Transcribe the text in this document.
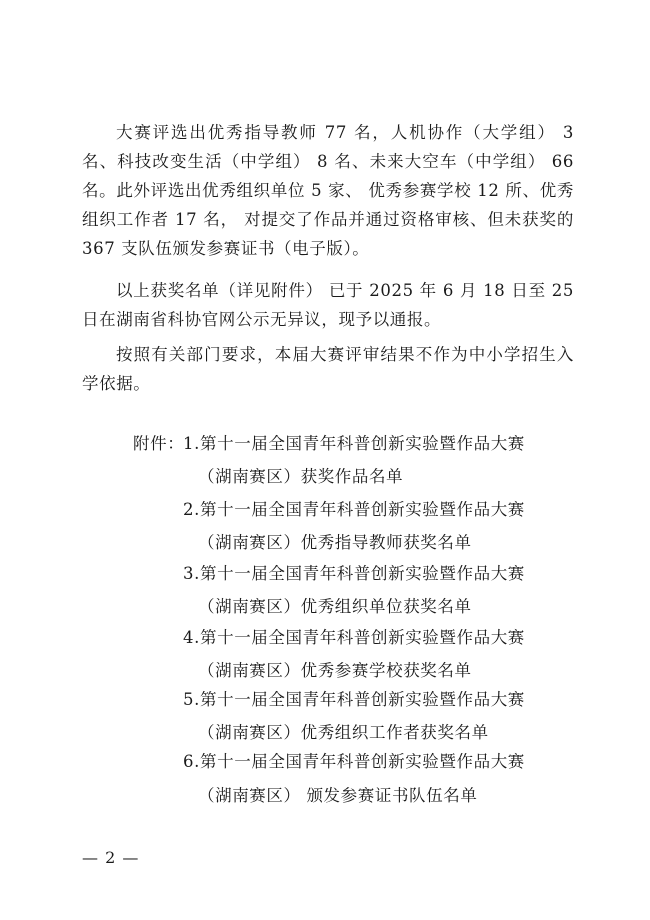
大赛评选出优秀指导教师 77 名，人机协作（大学组） 3 名、科技改变生活（中学组） 8 名、未来大空车（中学组） 66 名。此外评选出优秀组织单位 5 家、 优秀参赛学校 12 所、优秀组织工作者 17 名， 对提交了作品并通过资格审核、但未获奖的 367 支队伍颁发参赛证书（电子版）。

以上获奖名单（详见附件） 已于 2025 年 6 月 18 日至 25 日在湖南省科协官网公示无异议，现予以通报。

按照有关部门要求，本届大赛评审结果不作为中小学招生入学依据。

附件：
1.第十一届全国青年科普创新实验暨作品大赛
（湖南赛区）获奖作品名单
2.第十一届全国青年科普创新实验暨作品大赛
（湖南赛区）优秀指导教师获奖名单
3.第十一届全国青年科普创新实验暨作品大赛
（湖南赛区）优秀组织单位获奖名单
4.第十一届全国青年科普创新实验暨作品大赛
（湖南赛区）优秀参赛学校获奖名单
5.第十一届全国青年科普创新实验暨作品大赛
（湖南赛区）优秀组织工作者获奖名单
6.第十一届全国青年科普创新实验暨作品大赛
（湖南赛区） 颁发参赛证书队伍名单
— 2 —
